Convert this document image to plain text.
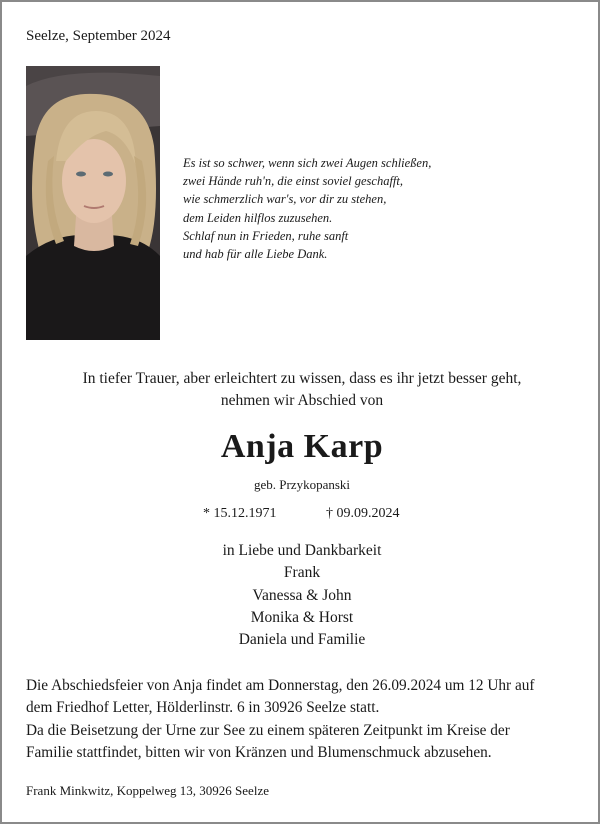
Seelze, September 2024
Es ist so schwer, wenn sich zwei Augen schließen,
zwei Hände ruh'n, die einst soviel geschafft,
wie schmerzlich war's, vor dir zu stehen,
dem Leiden hilflos zuzusehen.
Schlaf nun in Frieden, ruhe sanft
und hab für alle Liebe Dank.
In tiefer Trauer, aber erleichtert zu wissen, dass es ihr jetzt besser geht,
nehmen wir Abschied von
Anja Karp
geb. Przykopanski
* 15.12.1971	† 09.09.2024
in Liebe und Dankbarkeit
Frank
Vanessa & John
Monika & Horst
Daniela und Familie
Die Abschiedsfeier von Anja findet am Donnerstag, den 26.09.2024 um 12 Uhr auf
dem Friedhof Letter, Hölderlinstr. 6 in 30926 Seelze statt.
Da die Beisetzung der Urne zur See zu einem späteren Zeitpunkt im Kreise der
Familie stattfindet, bitten wir von Kränzen und Blumenschmuck abzusehen.
Frank Minkwitz, Koppelweg 13, 30926 Seelze
